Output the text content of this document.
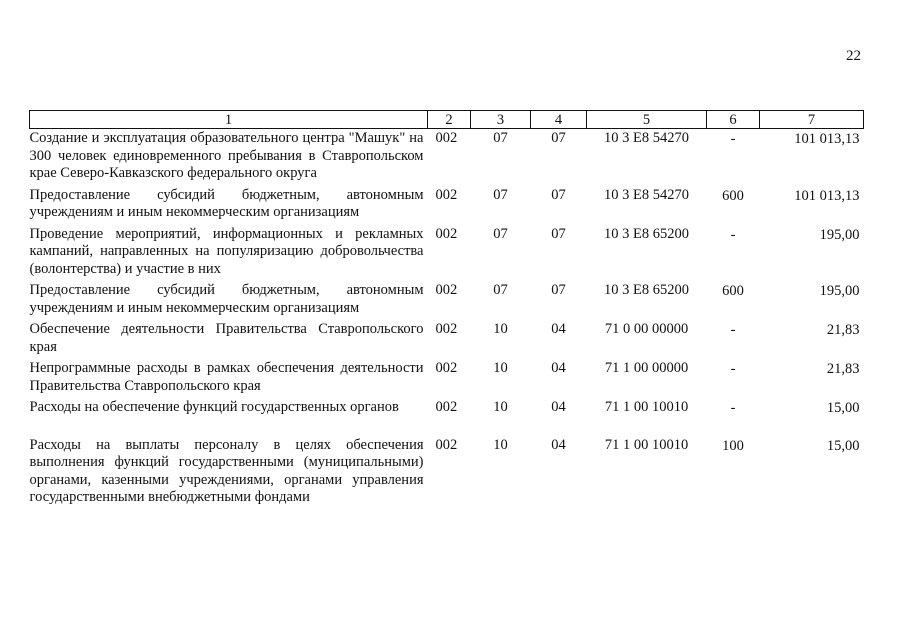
22
1	2	3	4	5	6	7
Создание и эксплуатация образовательного центра "Машук" на 300 человек единовременного пребывания в Ставропольском крае Северо-Кавказского федерального округа	002	07	07	10 3 Е8 54270	-	101 013,13
Предоставление субсидий бюджетным, автономным учреждениям и иным некоммерческим организациям	002	07	07	10 3 Е8 54270	600	101 013,13
Проведение мероприятий, информационных и рекламных кампаний, направленных на популяризацию добровольчества (волонтерства) и участие в них	002	07	07	10 3 Е8 65200	-	195,00
Предоставление субсидий бюджетным, автономным учреждениям и иным некоммерческим организациям	002	07	07	10 3 Е8 65200	600	195,00
Обеспечение деятельности Правительства Ставропольского края	002	10	04	71 0 00 00000	-	21,83
Непрограммные расходы в рамках обеспечения деятельности Правительства Ставропольского края	002	10	04	71 1 00 00000	-	21,83
Расходы на обеспечение функций государственных органов	002	10	04	71 1 00 10010	-	15,00

Расходы на выплаты персоналу в целях обеспечения выполнения функций государственными (муниципальными) органами, казенными учреждениями, органами управления государственными внебюджетными фондами	002	10	04	71 1 00 10010	100	15,00
